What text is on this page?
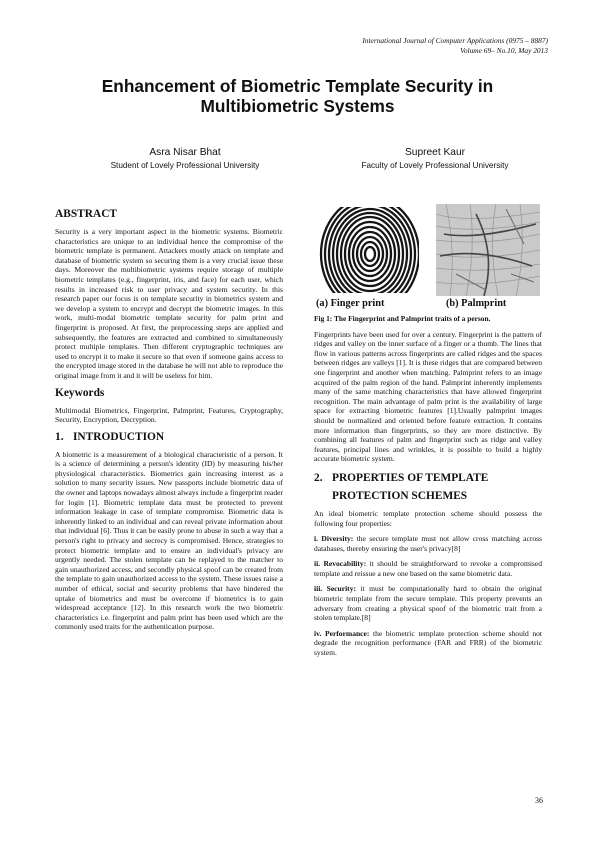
International Journal of Computer Applications (0975 – 8887)
Volume 69– No.10, May 2013
Enhancement of Biometric Template Security in
Multibiometric Systems
Asra Nisar Bhat
Student of Lovely Professional University
Supreet Kaur
Faculty of Lovely Professional University
ABSTRACT

Security is a very important aspect in the biometric systems. Biometric characteristics are unique to an individual hence the compromise of the biometric template is permanent. Attackers mostly attack on template and database of biometric system so securing them is a very crucial issue these days. Moreover the multibiometric systems require storage of multiple biometric templates (e.g., fingerprint, iris, and face) for each user, which results in increased risk to user privacy and system security. In this research paper our focus is on template security in biometrics system and we develop a system to encrypt and decrypt the biometric images. In this work, multi-modal biometric template security for palm print and fingerprint is proposed. At first, the preprocessing steps are applied and subsequently, the features are extracted and combined to simultaneously protect multiple templates. Then different cryptographic techniques are used to encrypt it to make it secure so that even if someone gains access to the encrypted image stored in the database he will not able to reproduce the original image from it and it will be useless for him.

Keywords

Multimodal Biometrics, Fingerprint, Palmprint, Features, Cryptography, Security, Encryption, Decryption.

1. INTRODUCTION

A biometric is a measurement of a biological characteristic of a person. It is a science of determining a person's identity (ID) by measuring his/her physiological characteristics. Biometrics gain increasing interest as a solution to many security issues. New passports include biometric data of the owner and laptops nowadays almost always include a fingerprint reader for login [1]. Biometric template data must be protected to prevent information leakage in case of template compromise. Biometric data is inherently linked to an individual and can reveal private information about that individual [6]. Thus it can be easily prone to abuse in such a way that a person's right to privacy and secrecy is compromised. Hence, strategies to protect biometric template and to ensure an individual's privacy are urgently needed. The stolen template can be replayed to the matcher to gain unauthorized access, and secondly physical spoof can be created from the template to gain unauthorized access to the system. These issues raise a number of ethical, social and security problems that have hindered the uptake of biometrics and must be overcome if biometrics is to gain widespread acceptance [12]. In this research work the two biometric characteristics i.e. fingerprint and palm print has been used which are the commonly used traits for the authentication purpose.

(a) Finger print	(b) Palmprint
Fig 1: The Fingerprint and Palmprint traits of a person.

Fingerprints have been used for over a century. Fingerprint is the pattern of ridges and valley on the inner surface of a finger or a thumb. The lines that flow in various patterns across fingerprints are called ridges and the spaces between ridges are valleys [1]. It is these ridges that are compared between one fingerprint and another when matching. Palmprint refers to an image acquired of the palm region of the hand. Palmprint inherently implements many of the same matching characteristics that have allowed fingerprint recognition. The main advantage of palm print is the availability of large space for extracting biometric features [1].Usually palmprint images should be normalized and oriented before feature extraction. It contains more information than fingerprints, so they are more distinctive. By combining all features of palm and fingerprint such as ridge and valley features, principal lines and wrinkles, it is possible to build a highly accurate biometric system.

2. PROPERTIES OF TEMPLATE
PROTECTION SCHEMES

An ideal biometric template protection scheme should possess the following four properties:

i. Diversity: the secure template must not allow cross matching across databases, thereby ensuring the user's privacy[8]
ii. Revocability: it should be straightforward to revoke a compromised template and reissue a new one based on the same biometric data.
iii. Security: it must be computationally hard to obtain the original biometric template from the secure template. This property prevents an adversary from creating a physical spoof of the biometric trait from a stolen template.[8]
iv. Performance: the biometric template protection scheme should not degrade the recognition performance (FAR and FRR) of the biometric system.
36
